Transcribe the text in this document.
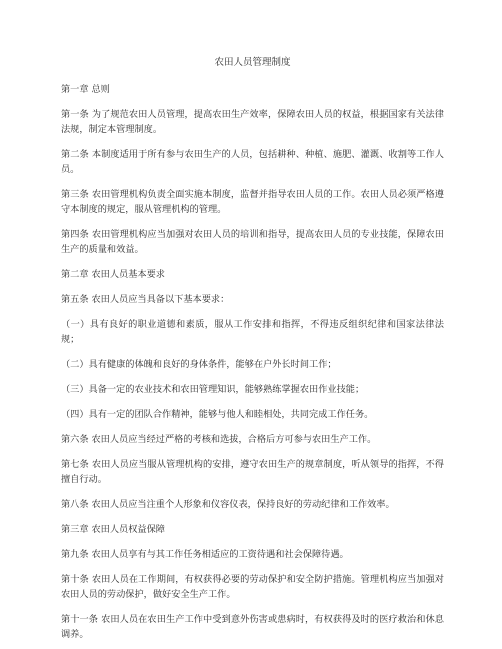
农田人员管理制度

第一章 总则

第一条 为了规范农田人员管理，提高农田生产效率，保障农田人员的权益，根据国家有关法律法规，制定本管理制度。

第二条 本制度适用于所有参与农田生产的人员，包括耕种、种植、施肥、灌溉、收割等工作人员。

第三条 农田管理机构负责全面实施本制度，监督并指导农田人员的工作。农田人员必须严格遵守本制度的规定，服从管理机构的管理。

第四条 农田管理机构应当加强对农田人员的培训和指导，提高农田人员的专业技能，保障农田生产的质量和效益。

第二章 农田人员基本要求

第五条 农田人员应当具备以下基本要求：

（一）具有良好的职业道德和素质，服从工作安排和指挥，不得违反组织纪律和国家法律法规；

（二）具有健康的体魄和良好的身体条件，能够在户外长时间工作；

（三）具备一定的农业技术和农田管理知识，能够熟练掌握农田作业技能；

（四）具有一定的团队合作精神，能够与他人和睦相处，共同完成工作任务。

第六条 农田人员应当经过严格的考核和选拔，合格后方可参与农田生产工作。

第七条 农田人员应当服从管理机构的安排，遵守农田生产的规章制度，听从领导的指挥，不得擅自行动。

第八条 农田人员应当注重个人形象和仪容仪表，保持良好的劳动纪律和工作效率。

第三章 农田人员权益保障

第九条 农田人员享有与其工作任务相适应的工资待遇和社会保障待遇。

第十条 农田人员在工作期间，有权获得必要的劳动保护和安全防护措施。管理机构应当加强对农田人员的劳动保护，做好安全生产工作。

第十一条 农田人员在农田生产工作中受到意外伤害或患病时，有权获得及时的医疗救治和休息调养。
